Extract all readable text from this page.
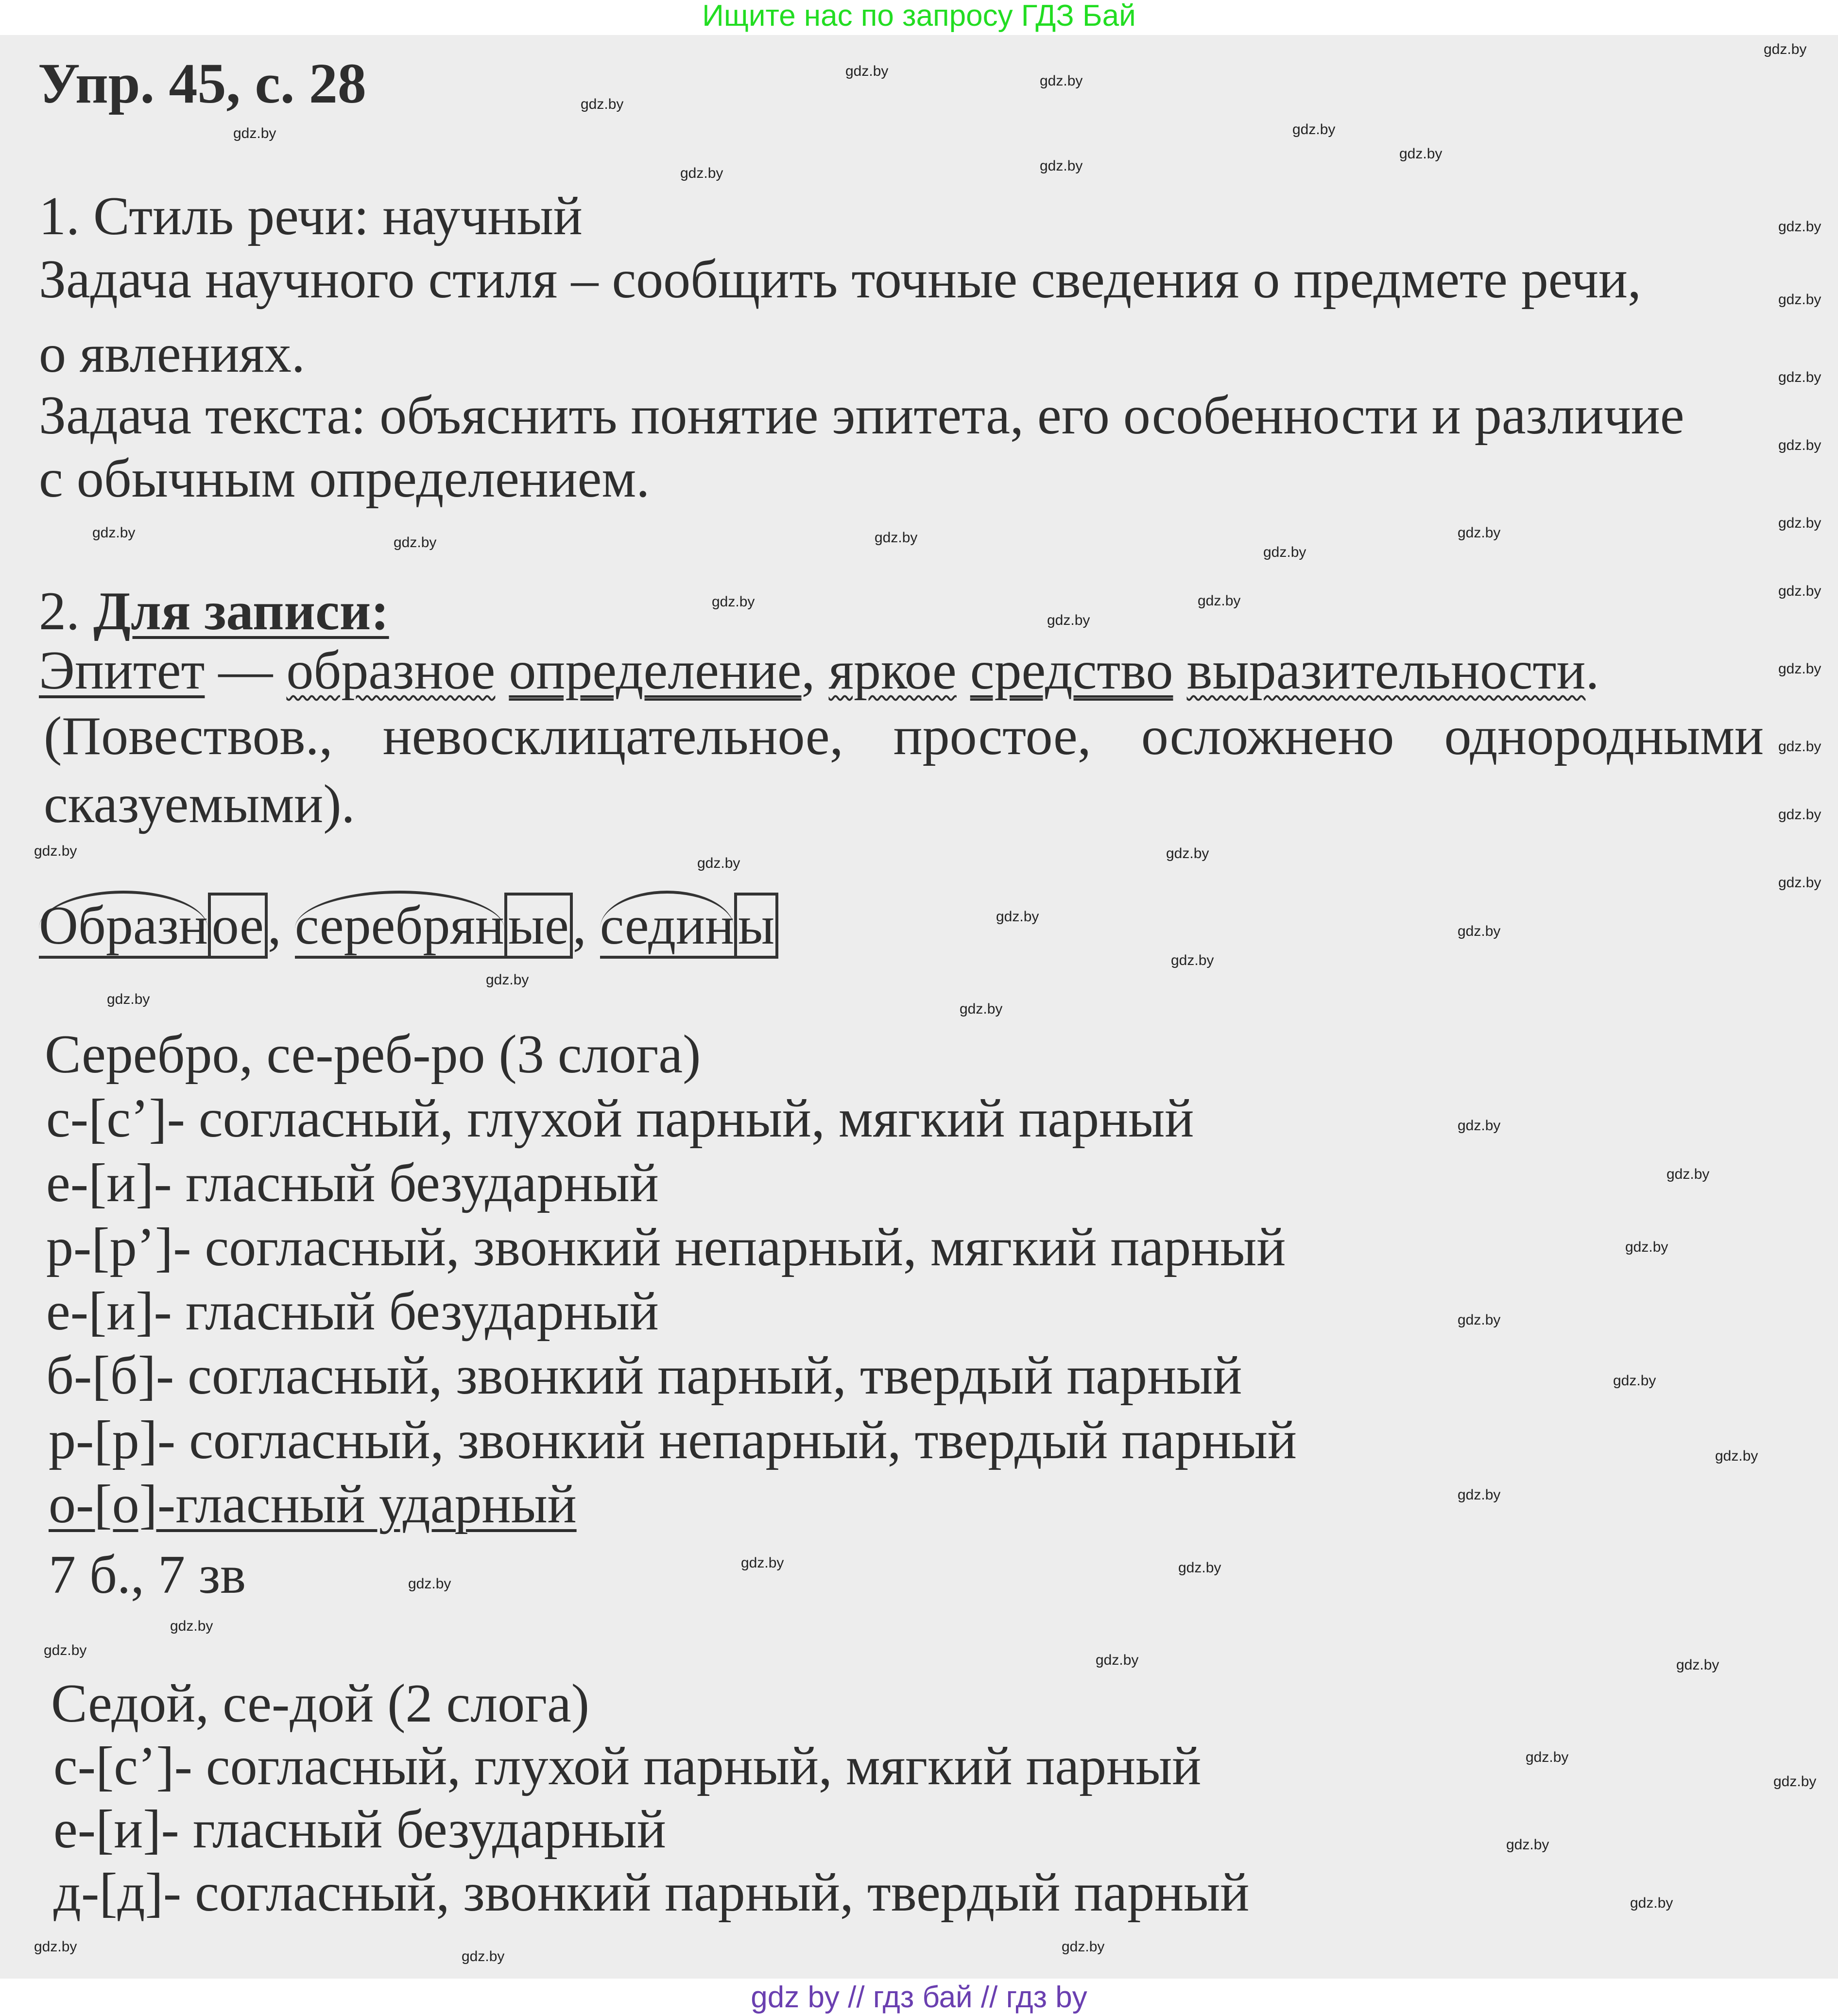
Ищите нас по запросу ГДЗ Бай
Упр. 45, с. 28
1. Стиль речи: научный
Задача научного стиля – сообщить точные сведения о предмете речи,
о явлениях.
Задача текста: объяснить понятие эпитета, его особенности и различие
с обычным определением.
2. Для записи:
Эпитет — образное определение, яркое средство выразительности.
(Повествов., невосклицательное, простое, осложнено однородными
сказуемыми).
Образное, серебряные, седины
Серебро, се-реб-ро (3 слога)
с-[с’]- согласный, глухой парный, мягкий парный
е-[и]- гласный безударный
р-[р’]- согласный, звонкий непарный, мягкий парный
е-[и]- гласный безударный
б-[б]- согласный, звонкий парный, твердый парный
р-[р]- согласный, звонкий непарный, твердый парный
о-[о]-гласный ударный
7 б., 7 зв
Седой, се-дой (2 слога)
с-[с’]- согласный, глухой парный, мягкий парный
е-[и]- гласный безударный
д-[д]- согласный, звонкий парный, твердый парный
gdz.by
gdz.by
gdz.by
gdz.by
gdz.by
gdz.by
gdz.by
gdz.by
gdz.by
gdz.by
gdz.by
gdz.by
gdz.by
gdz.by
gdz.by
gdz.by
gdz.by
gdz.by
gdz.by
gdz.by
gdz.by	gdz.by
gdz.by
gdz.by
gdz.by
gdz.by
gdz.by
gdz.by
gdz.by
gdz.by
gdz.by
gdz.by
gdz.by
gdz.by
gdz.by
gdz.by
gdz.by
gdz.by
gdz.by
gdz.by
gdz.by
gdz.by
gdz.by
gdz.by
gdz.by	gdz.by
gdz.by
gdz.by
gdz.by	gdz.by
gdz.by
gdz.by
gdz.by
gdz.by
gdz.by
gdz.by
gdz.by
gdz by // гдз бай // гдз by
